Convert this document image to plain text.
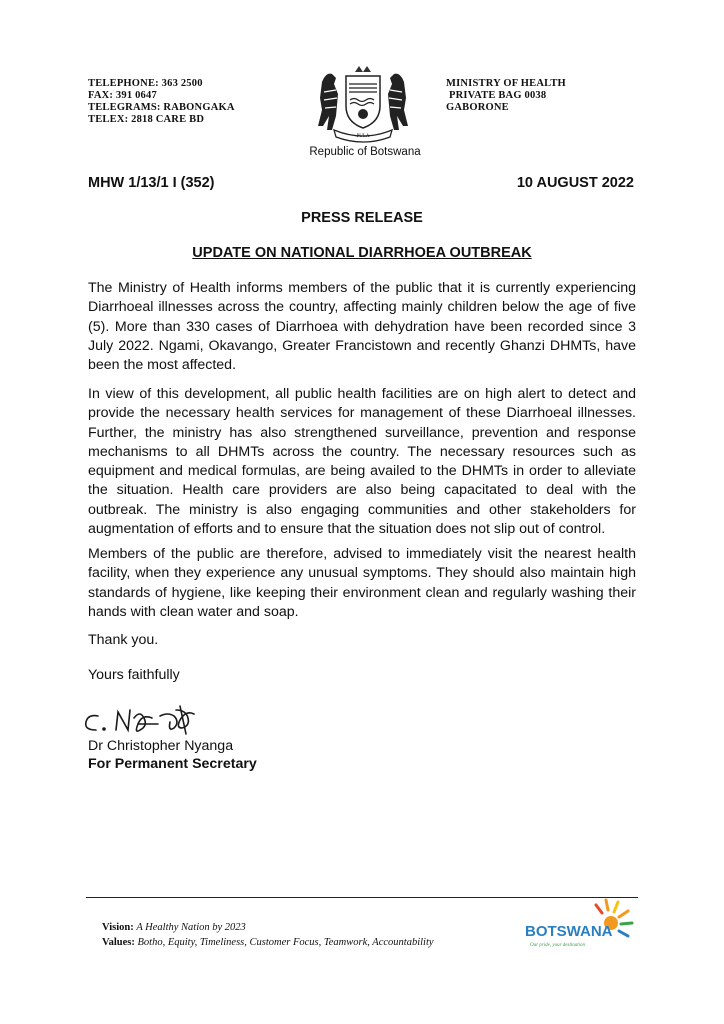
TELEPHONE: 363 2500
FAX: 391 0647
TELEGRAMS: RABONGAKA
TELEX: 2818 CARE BD
PULA
Republic of Botswana
MINISTRY OF HEALTH
PRIVATE BAG 0038
GABORONE
MHW 1/13/1 I (352)	10 AUGUST 2022
PRESS RELEASE
UPDATE ON NATIONAL DIARRHOEA OUTBREAK
The Ministry of Health informs members of the public that it is currently experiencing Diarrhoeal illnesses across the country, affecting mainly children below the age of five (5). More than 330 cases of Diarrhoea with dehydration have been recorded since 3 July 2022. Ngami, Okavango, Greater Francistown and recently Ghanzi DHMTs, have been the most affected.
In view of this development, all public health facilities are on high alert to detect and provide the necessary health services for management of these Diarrhoeal illnesses. Further, the ministry has also strengthened surveillance, prevention and response mechanisms to all DHMTs across the country. The necessary resources such as equipment and medical formulas, are being availed to the DHMTs in order to alleviate the situation. Health care providers are also being capacitated to deal with the outbreak. The ministry is also engaging communities and other stakeholders for augmentation of efforts and to ensure that the situation does not slip out of control.
Members of the public are therefore, advised to immediately visit the nearest health facility, when they experience any unusual symptoms. They should also maintain high standards of hygiene, like keeping their environment clean and regularly washing their hands with clean water and soap.
Thank you.
Yours faithfully
Dr Christopher Nyanga
For Permanent Secretary
Vision: A Healthy Nation by 2023
Values: Botho, Equity, Timeliness, Customer Focus, Teamwork, Accountability
BOTSWANA
Our pride, your destination
